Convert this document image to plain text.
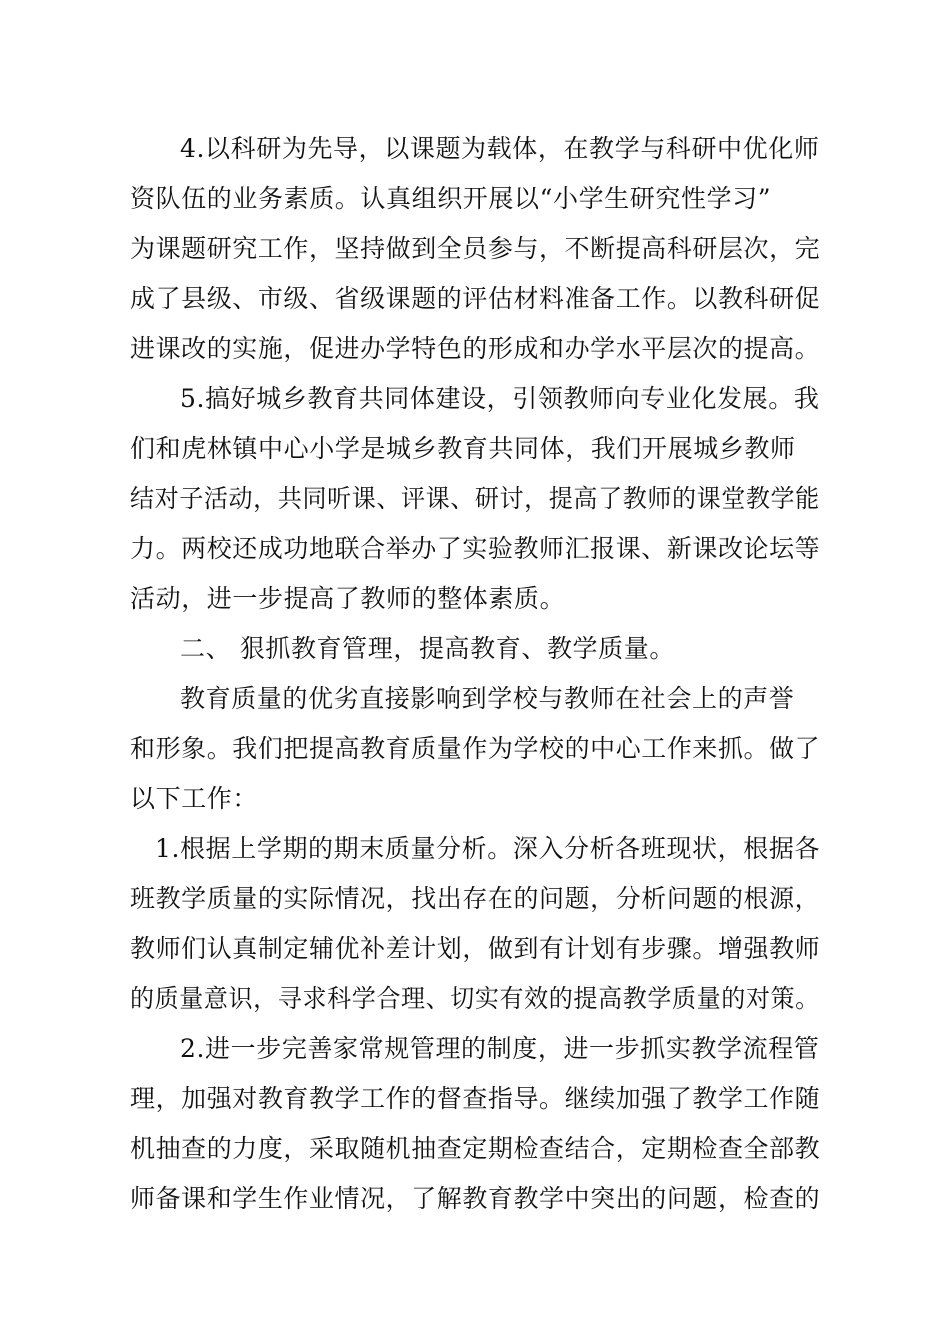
4.以科研为先导，以课题为载体，在教学与科研中优化师
资队伍的业务素质。认真组织开展以“小学生研究性学习”
为课题研究工作，坚持做到全员参与，不断提高科研层次，完
成了县级、市级、省级课题的评估材料准备工作。以教科研促
进课改的实施，促进办学特色的形成和办学水平层次的提高。
5.搞好城乡教育共同体建设，引领教师向专业化发展。我
们和虎林镇中心小学是城乡教育共同体，我们开展城乡教师
结对子活动，共同听课、评课、研讨，提高了教师的课堂教学能
力。两校还成功地联合举办了实验教师汇报课、新课改论坛等
活动，进一步提高了教师的整体素质。
二、 狠抓教育管理，提高教育、教学质量。
教育质量的优劣直接影响到学校与教师在社会上的声誉
和形象。我们把提高教育质量作为学校的中心工作来抓。做了
以下工作：
1.根据上学期的期末质量分析。深入分析各班现状，根据各
班教学质量的实际情况，找出存在的问题，分析问题的根源，
教师们认真制定辅优补差计划，做到有计划有步骤。增强教师
的质量意识，寻求科学合理、切实有效的提高教学质量的对策。
2.进一步完善家常规管理的制度，进一步抓实教学流程管
理，加强对教育教学工作的督查指导。继续加强了教学工作随
机抽查的力度，采取随机抽查定期检查结合，定期检查全部教
师备课和学生作业情况，了解教育教学中突出的问题，检查的
